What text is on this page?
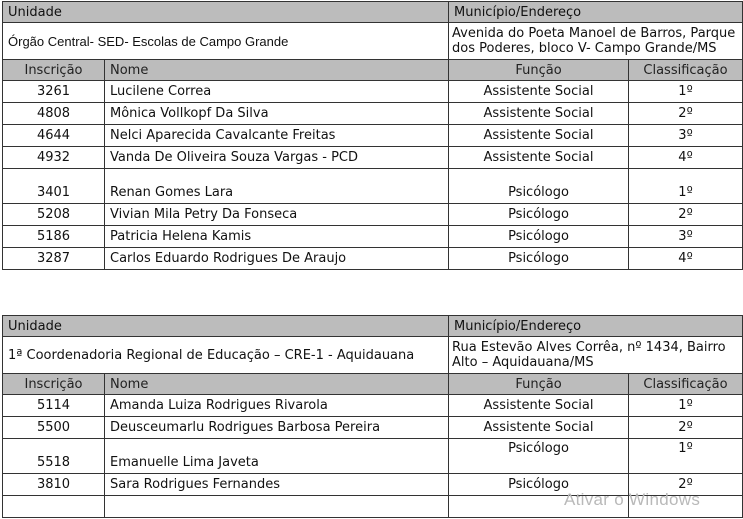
Unidade		Município/Endereço	
Órgão Central- SED- Escolas de Campo Grande		Avenida do Poeta Manoel de Barros, Parque dos Poderes, bloco V- Campo Grande/MS	
Inscrição	Nome	Função	Classificação
3261	Lucilene Correa	Assistente Social	1º
4808	Mônica Vollkopf Da Silva	Assistente Social	2º
4644	Nelci Aparecida Cavalcante Freitas	Assistente Social	3º
4932	Vanda De Oliveira Souza Vargas - PCD	Assistente Social	4º
3401	Renan Gomes Lara	Psicólogo	1º
5208	Vivian Mila Petry Da Fonseca	Psicólogo	2º
5186	Patricia Helena Kamis	Psicólogo	3º
3287	Carlos Eduardo Rodrigues De Araujo	Psicólogo	4º
Unidade		Município/Endereço	
1ª Coordenadoria Regional de Educação – CRE-1 - Aquidauana		Rua Estevão Alves Corrêa, nº 1434, Bairro Alto – Aquidauana/MS	
Inscrição	Nome	Função	Classificação
5114	Amanda Luiza Rodrigues Rivarola	Assistente Social	1º
5500	Deusceumarlu Rodrigues Barbosa Pereira	Assistente Social	2º
5518	Emanuelle Lima Javeta	Psicólogo	1º
3810	Sara Rodrigues Fernandes	Psicólogo	2º

Ativar o Windows
